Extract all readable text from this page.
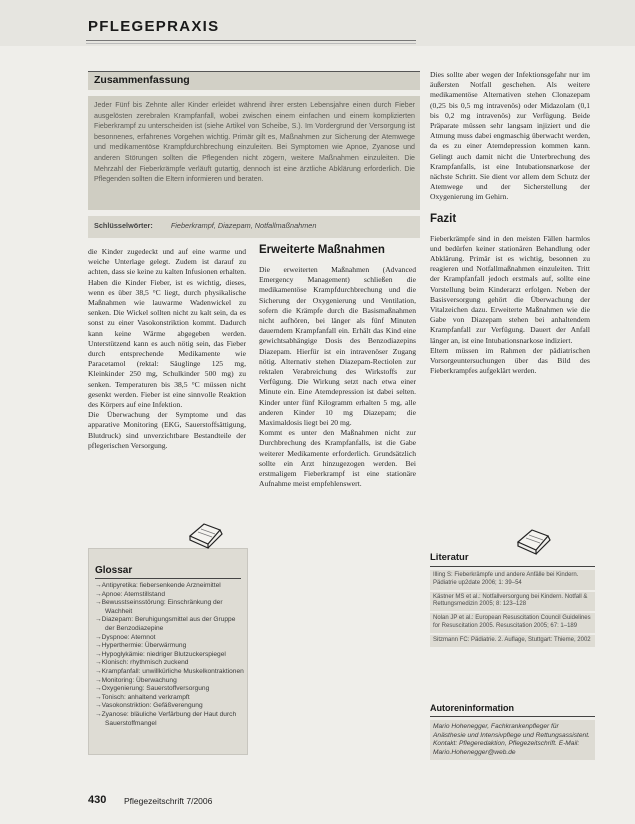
PFLEGEPRAXIS
Zusammenfassung
Jeder Fünf bis Zehnte aller Kinder erleidet während ihrer ersten Lebensjahre einen durch Fieber ausgelösten zerebralen Krampfanfall, wobei zwischen einem einfachen und einem komplizierten Fieberkrampf zu unterscheiden ist (siehe Artikel von Scheibe, S.). Im Vordergrund der Versorgung ist besonnenes, erfahrenes Vorgehen wichtig. Primär gilt es, Maßnahmen zur Sicherung der Atemwege und medikamentöse Krampfdurchbrechung einzuleiten. Bei Symptomen wie Apnoe, Zyanose und anderen Störungen sollten die Pflegenden nicht zögern, weitere Maßnahmen einzuleiten. Die Mehrzahl der Fieberkrämpfe verläuft gutartig, dennoch ist eine ärztliche Abklärung erforderlich. Die Pflegenden sollten die Eltern informieren und beraten.
Schlüsselwörter: Fieberkrampf, Diazepam, Notfallmaßnahmen

die Kinder zugedeckt und auf eine warme und weiche Unterlage gelegt. Zudem ist darauf zu achten, dass sie keine zu kalten Infusionen erhalten. Haben die Kinder Fieber, ist es wichtig, dieses, wenn es über 38,5 °C liegt, durch physikalische Maßnahmen wie lauwarme Wadenwickel zu senken. Die Wickel sollten nicht zu kalt sein, da es sonst zu einer Vasokonstriktion kommt. Dadurch kann keine Wärme abgegeben werden. Unterstützend kann es auch nötig sein, das Fieber durch entsprechende Medikamente wie Paracetamol (rektal: Säuglinge 125 mg, Kleinkinder 250 mg, Schulkinder 500 mg) zu senken. Temperaturen bis 38,5 °C müssen nicht gesenkt werden. Fieber ist eine sinnvolle Reaktion des Körpers auf eine Infektion.

Die Überwachung der Symptome und das apparative Monitoring (EKG, Sauerstoffsättigung, Blutdruck) sind unverzichtbare Bestandteile der pflegerischen Versorgung.

Erweiterte Maßnahmen

Die erweiterten Maßnahmen (Advanced Emergency Management) schließen die medikamentöse Krampfdurchbrechung und die Sicherung der Oxygenierung und Ventilation, sofern die Krämpfe durch die Basismaßnahmen nicht aufhören, bei länger als fünf Minuten dauerndem Krampfanfall ein. Erhält das Kind eine gewichtsabhängige Dosis des Benzodiazepins Diazepam. Hierfür ist ein intravenöser Zugang nötig. Alternativ stehen Diazepam-Rectiolen zur rektalen Verabreichung des Wirkstoffs zur Verfügung. Die Wirkung setzt nach etwa einer Minute ein. Eine Atemdepression ist dabei selten. Kinder unter fünf Kilogramm erhalten 5 mg, alle anderen Kinder 10 mg Diazepam; die Maximaldosis liegt bei 20 mg.

Kommt es unter den Maßnahmen nicht zur Durchbrechung des Krampfanfalls, ist die Gabe weiterer Medikamente erforderlich. Grundsätzlich sollte ein Arzt hinzugezogen werden. Bei erstmaligem Fieberkrampf ist eine stationäre Aufnahme meist empfehlenswert.

Dies sollte aber wegen der Infektionsgefahr nur im äußersten Notfall geschehen. Als weitere medikamentöse Alternativen stehen Clonazepam (0,25 bis 0,5 mg intravenös) oder Midazolam (0,1 bis 0,2 mg intravenös) zur Verfügung. Beide Präparate müssen sehr langsam injiziert und die Atmung muss dabei engmaschig überwacht werden, da es zu einer Atemdepression kommen kann. Gelingt auch damit nicht die Unterbrechung des Krampfanfalls, ist eine Intubationsnarkose der nächste Schritt. Sie dient vor allem dem Schutz der Atemwege und der Sicherstellung der Oxygenierung im Gehirn.

Fazit

Fieberkrämpfe sind in den meisten Fällen harmlos und bedürfen keiner stationären Behandlung oder Abklärung. Primär ist es wichtig, besonnen zu reagieren und Notfallmaßnahmen einzuleiten. Tritt der Krampfanfall jedoch erstmals auf, sollte eine Vorstellung beim Kinderarzt erfolgen. Neben der Basisversorgung gehört die Überwachung der Vitalzeichen dazu. Erweiterte Maßnahmen wie die Gabe von Diazepam stehen bei anhaltendem Krampfanfall zur Verfügung. Dauert der Anfall länger an, ist eine Intubationsnarkose indiziert.

Eltern müssen im Rahmen der pädiatrischen Vorsorgeuntersuchungen über das Bild des Fieberkrampfes aufgeklärt werden.

Glossar
→ Antipyretika: fiebersenkende Arzneimittel
→ Apnoe: Atemstillstand
→ Bewusstseinsstörung: Einschränkung der Wachheit
→ Diazepam: Beruhigungsmittel aus der Gruppe der Benzodiazepine
→ Dyspnoe: Atemnot
→ Hyperthermie: Überwärmung
→ Hypoglykämie: niedriger Blutzuckerspiegel
→ Klonisch: rhythmisch zuckend
→ Krampfanfall: unwillkürliche Muskelkontraktionen
→ Monitoring: Überwachung
→ Oxygenierung: Sauerstoffversorgung
→ Tonisch: anhaltend verkrampft
→ Vasokonstriktion: Gefäßverengung
→ Zyanose: bläuliche Verfärbung der Haut durch Sauerstoffmangel
Literatur
Illing S: Fieberkrämpfe und andere Anfälle bei Kindern. Pädiatrie up2date 2006; 1: 39–54
Kästner MS et al.: Notfallversorgung bei Kindern. Notfall & Rettungsmedizin 2005; 8: 123–128
Nolan JP et al.: European Resuscitation Council Guidelines for Resuscitation 2005. Resuscitation 2005; 67: 1–189
Sitzmann FC: Pädiatrie. 2. Auflage, Stuttgart: Thieme, 2002
Autoreninformation
Mario Hohenegger, Fachkrankenpfleger für Anästhesie und Intensivpflege und Rettungsassistent. Kontakt: Pflegeredaktion, Pflegezeitschrift. E-Mail: Mario.Hohenegger@web.de
430 Pflegezeitschrift 7/2006
